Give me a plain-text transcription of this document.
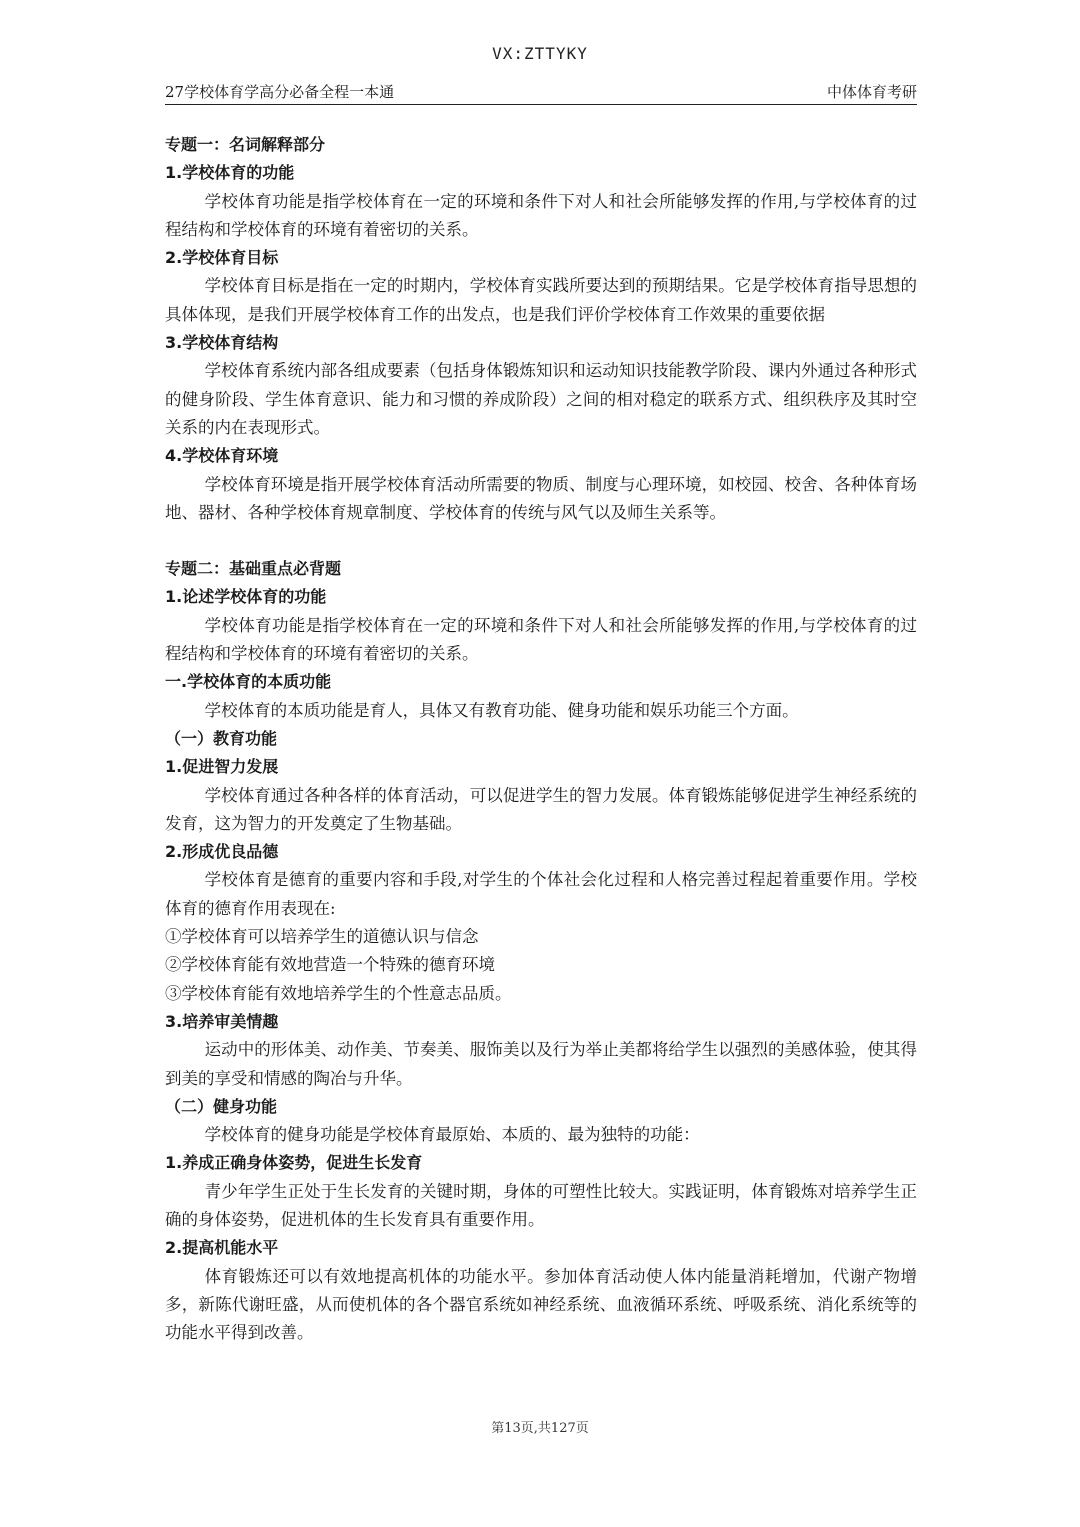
VX:ZTTYKY
27学校体育学高分必备全程一本通	中体体育考研

专题一：名词解释部分

1.学校体育的功能

学校体育功能是指学校体育在一定的环境和条件下对人和社会所能够发挥的作用,与学校体育的过程结构和学校体育的环境有着密切的关系。

2.学校体育目标

学校体育目标是指在一定的时期内，学校体育实践所要达到的预期结果。它是学校体育指导思想的具体体现，是我们开展学校体育工作的出发点，也是我们评价学校体育工作效果的重要依据

3.学校体育结构

学校体育系统内部各组成要素（包括身体锻炼知识和运动知识技能教学阶段、课内外通过各种形式的健身阶段、学生体育意识、能力和习惯的养成阶段）之间的相对稳定的联系方式、组织秩序及其时空关系的内在表现形式。

4.学校体育环境

学校体育环境是指开展学校体育活动所需要的物质、制度与心理环境，如校园、校舍、各种体育场地、器材、各种学校体育规章制度、学校体育的传统与风气以及师生关系等。

专题二：基础重点必背题

1.论述学校体育的功能

学校体育功能是指学校体育在一定的环境和条件下对人和社会所能够发挥的作用,与学校体育的过程结构和学校体育的环境有着密切的关系。

一.学校体育的本质功能

学校体育的本质功能是育人，具体又有教育功能、健身功能和娱乐功能三个方面。

（一）教育功能

1.促进智力发展

学校体育通过各种各样的体育活动，可以促进学生的智力发展。体育锻炼能够促进学生神经系统的发育，这为智力的开发奠定了生物基础。

2.形成优良品德

学校体育是德育的重要内容和手段,对学生的个体社会化过程和人格完善过程起着重要作用。学校体育的德育作用表现在:

①学校体育可以培养学生的道德认识与信念

②学校体育能有效地营造一个特殊的德育环境

③学校体育能有效地培养学生的个性意志品质。

3.培养审美情趣

运动中的形体美、动作美、节奏美、服饰美以及行为举止美都将给学生以强烈的美感体验，使其得到美的享受和情感的陶冶与升华。

（二）健身功能

学校体育的健身功能是学校体育最原始、本质的、最为独特的功能：

1.养成正确身体姿势，促进生长发育

青少年学生正处于生长发育的关键时期，身体的可塑性比较大。实践证明，体育锻炼对培养学生正确的身体姿势，促进机体的生长发育具有重要作用。

2.提高机能水平

体育锻炼还可以有效地提高机体的功能水平。参加体育活动使人体内能量消耗增加，代谢产物增多，新陈代谢旺盛，从而使机体的各个器官系统如神经系统、血液循环系统、呼吸系统、消化系统等的功能水平得到改善。

第13页,共127页
